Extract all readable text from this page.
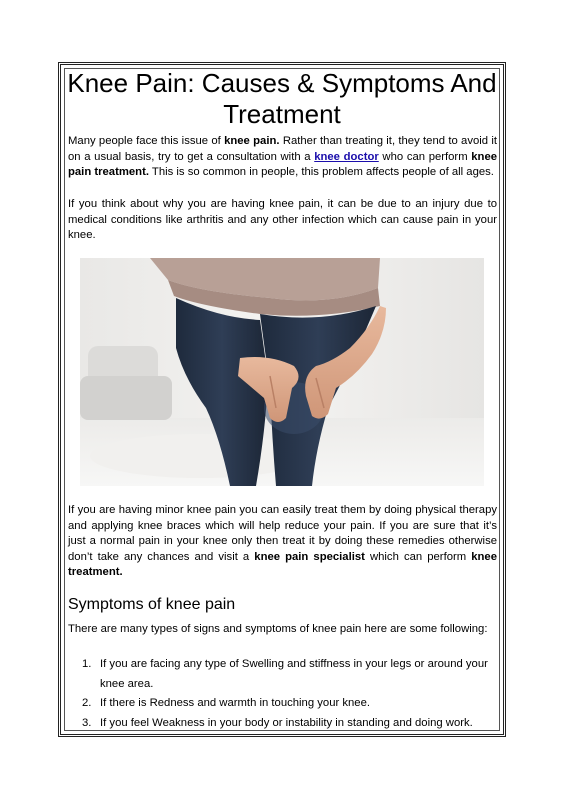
Knee Pain: Causes & Symptoms And Treatment

Many people face this issue of knee pain. Rather than treating it, they tend to avoid it on a usual basis, try to get a consultation with a knee doctor who can perform knee pain treatment. This is so common in people, this problem affects people of all ages.

If you think about why you are having knee pain, it can be due to an injury due to medical conditions like arthritis and any other infection which can cause pain in your knee.

If you are having minor knee pain you can easily treat them by doing physical therapy and applying knee braces which will help reduce your pain. If you are sure that it’s just a normal pain in your knee only then treat it by doing these remedies otherwise don’t take any chances and visit a knee pain specialist which can perform knee treatment.

Symptoms of knee pain

There are many types of signs and symptoms of knee pain here are some following:

1. If you are facing any type of Swelling and stiffness in your legs or around your knee area.
2. If there is Redness and warmth in touching your knee.
3. If you feel Weakness in your body or instability in standing and doing work.
